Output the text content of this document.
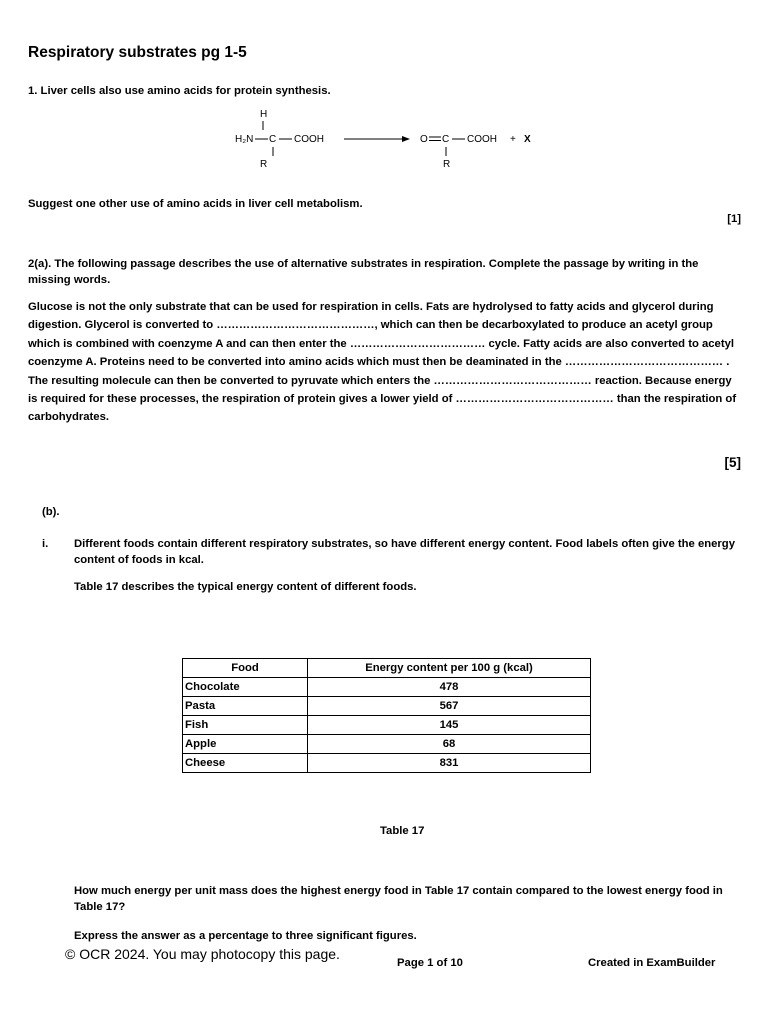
Respiratory substrates pg 1-5
1. Liver cells also use amino acids for protein synthesis.
H
H₂N C COOH
R
O C COOH + X
R
Suggest one other use of amino acids in liver cell metabolism.
[1]
2(a). The following passage describes the use of alternative substrates in respiration. Complete the passage by writing in the missing words.
Glucose is not the only substrate that can be used for respiration in cells. Fats are hydrolysed to fatty acids and glycerol during digestion. Glycerol is converted to ……………………………………, which can then be decarboxylated to produce an acetyl group which is combined with coenzyme A and can then enter the ……………………………… cycle. Fatty acids are also converted to acetyl coenzyme A. Proteins need to be converted into amino acids which must then be deaminated in the …………………………………… . The resulting molecule can then be converted to pyruvate which enters the …………………………………… reaction. Because energy is required for these processes, the respiration of protein gives a lower yield of …………………………………… than the respiration of carbohydrates.
[5]
(b).
i. Different foods contain different respiratory substrates, so have different energy content. Food labels often give the energy content of foods in kcal.
Table 17 describes the typical energy content of different foods.
Food	Energy content per 100 g (kcal)
Chocolate	478
Pasta	567
Fish	145
Apple	68
Cheese	831
Table 17
How much energy per unit mass does the highest energy food in Table 17 contain compared to the lowest energy food in Table 17?
Express the answer as a percentage to three significant figures.
© OCR 2024. You may photocopy this page.
Page 1 of 10	Created in ExamBuilder
